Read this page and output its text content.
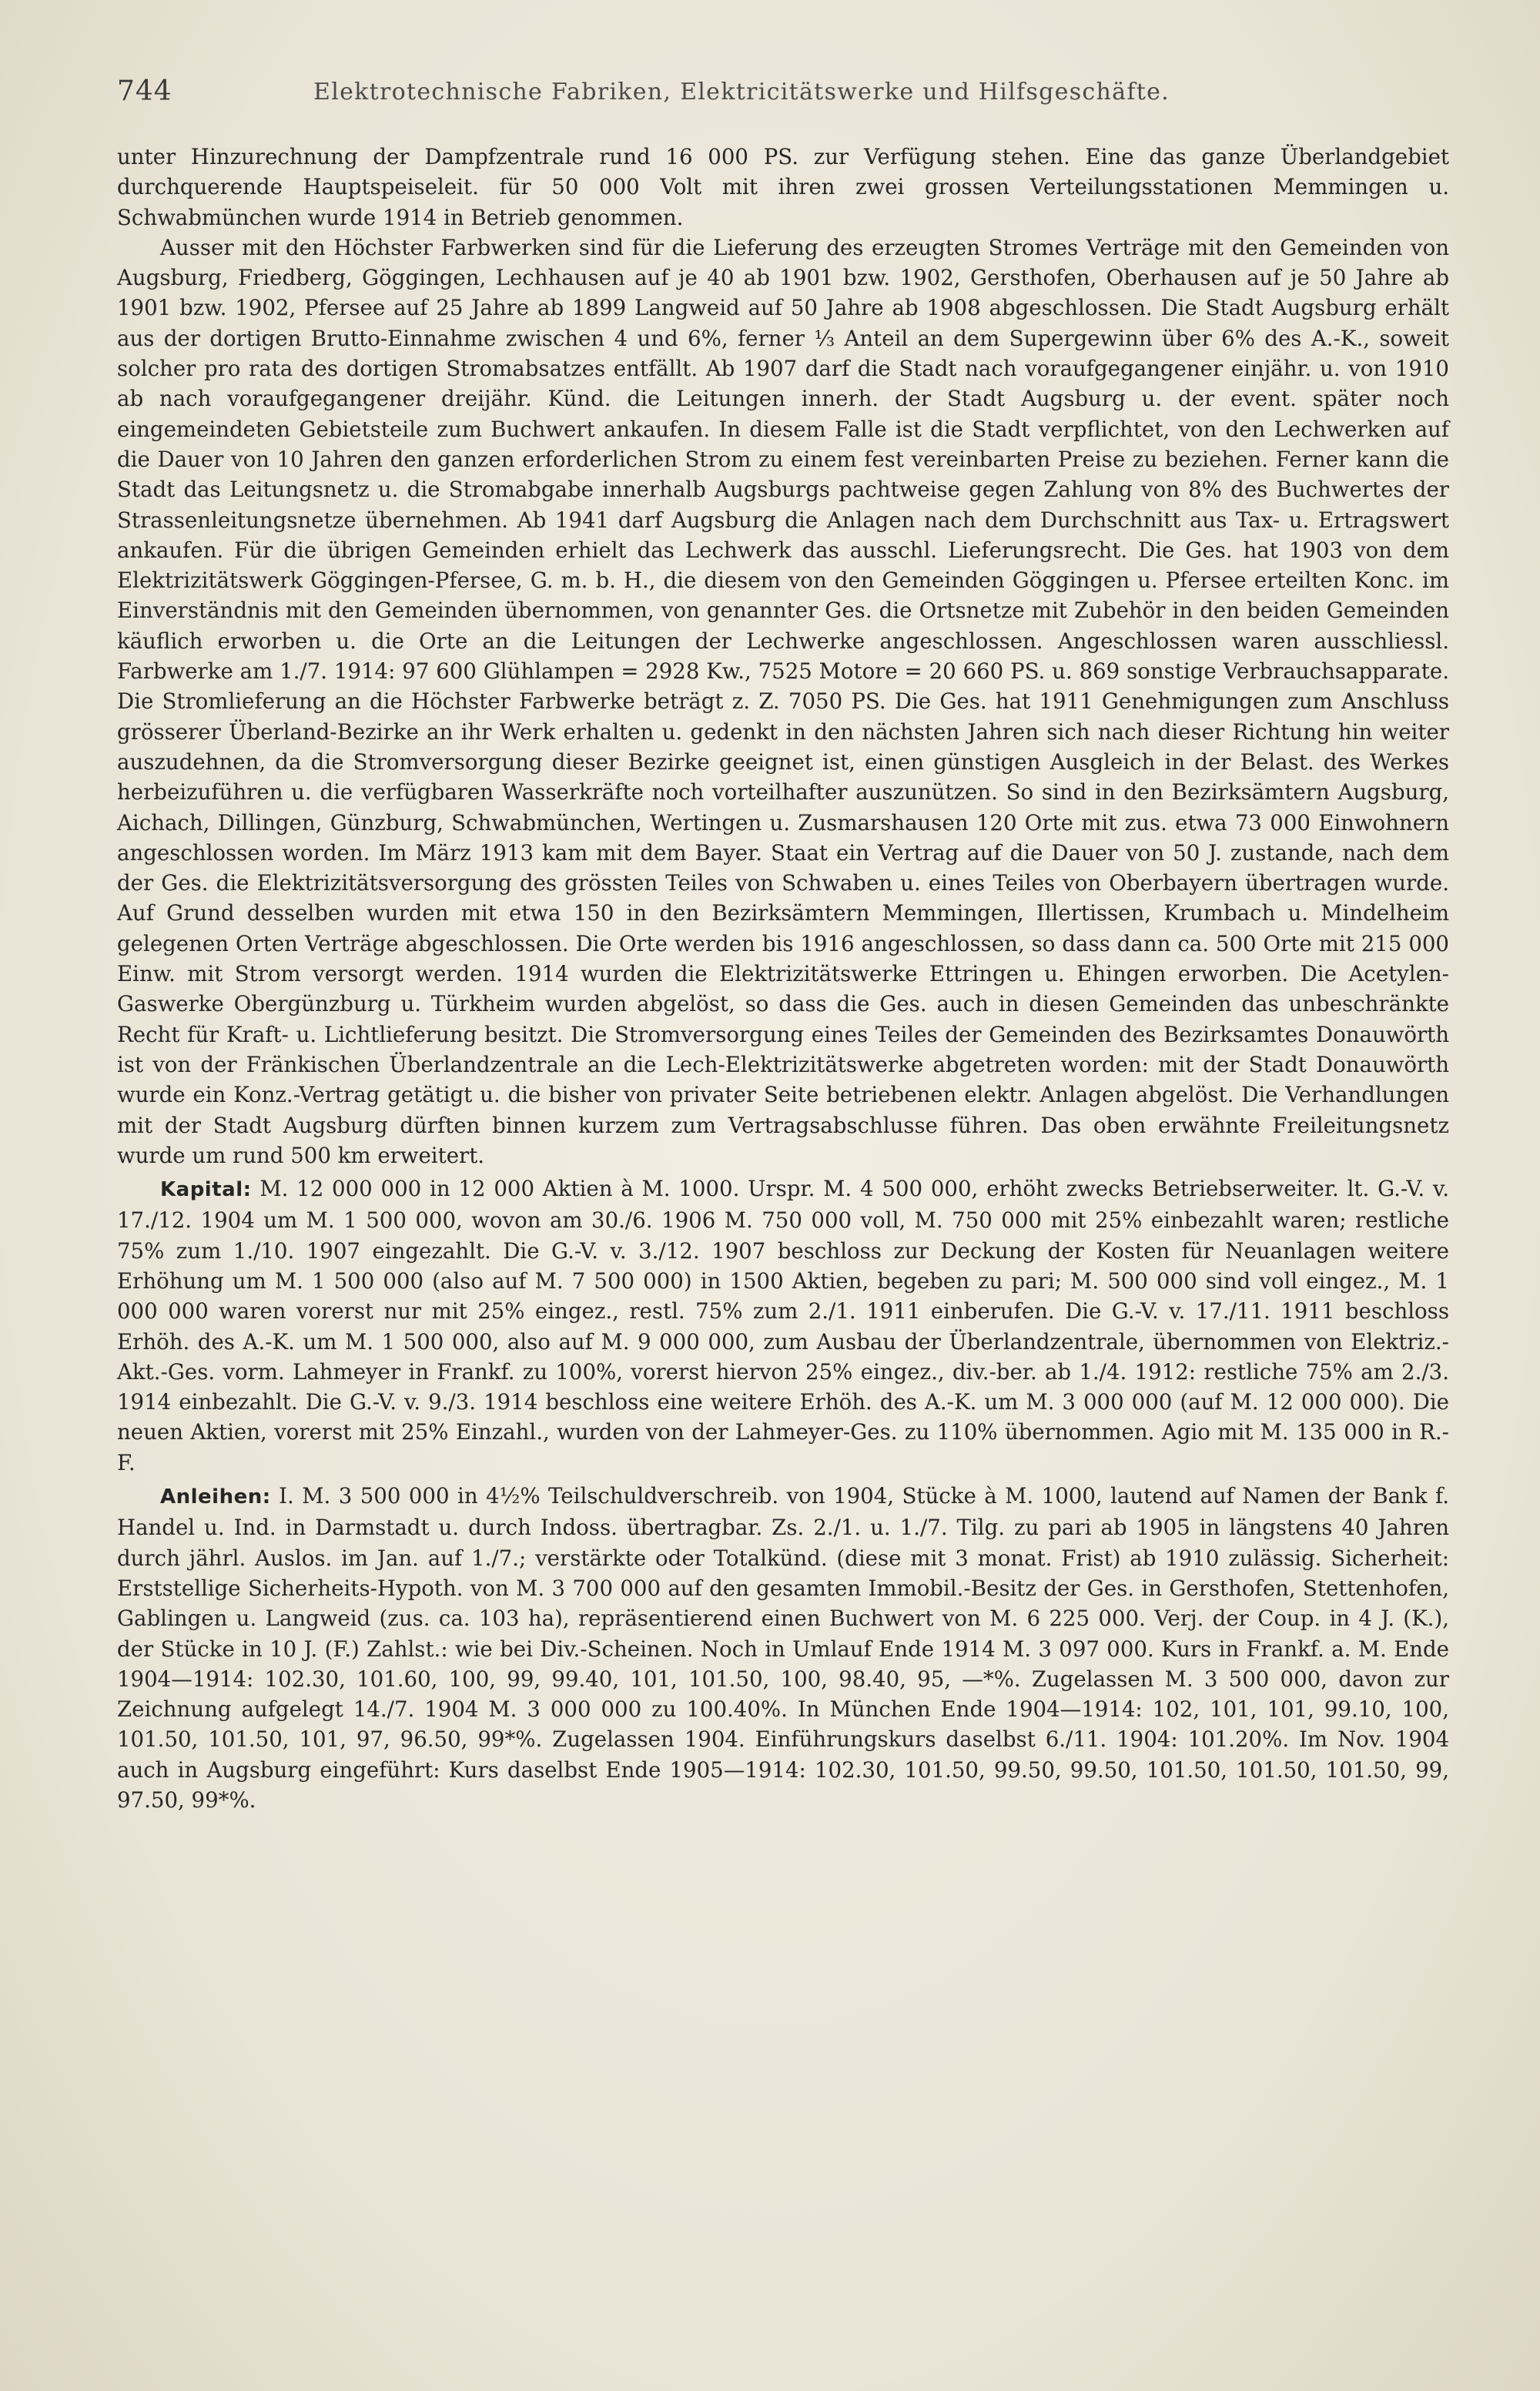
744	Elektrotechnische Fabriken, Elektricitätswerke und Hilfsgeschäfte.

unter Hinzurechnung der Dampfzentrale rund 16 000 PS. zur Verfügung stehen. Eine das ganze Überlandgebiet durchquerende Hauptspeiseleit. für 50 000 Volt mit ihren zwei grossen Verteilungsstationen Memmingen u. Schwabmünchen wurde 1914 in Betrieb genommen.

Ausser mit den Höchster Farbwerken sind für die Lieferung des erzeugten Stromes Verträge mit den Gemeinden von Augsburg, Friedberg, Göggingen, Lechhausen auf je 40 ab 1901 bzw. 1902, Gersthofen, Oberhausen auf je 50 Jahre ab 1901 bzw. 1902, Pfersee auf 25 Jahre ab 1899 Langweid auf 50 Jahre ab 1908 abgeschlossen. Die Stadt Augsburg erhält aus der dortigen Brutto-Einnahme zwischen 4 und 6%, ferner ⅓ Anteil an dem Supergewinn über 6% des A.-K., soweit solcher pro rata des dortigen Stromabsatzes entfällt. Ab 1907 darf die Stadt nach voraufgegangener einjähr. u. von 1910 ab nach voraufgegangener dreijähr. Künd. die Leitungen innerh. der Stadt Augsburg u. der event. später noch eingemeindeten Gebietsteile zum Buchwert ankaufen. In diesem Falle ist die Stadt verpflichtet, von den Lechwerken auf die Dauer von 10 Jahren den ganzen erforderlichen Strom zu einem fest vereinbarten Preise zu beziehen. Ferner kann die Stadt das Leitungsnetz u. die Stromabgabe innerhalb Augsburgs pachtweise gegen Zahlung von 8% des Buchwertes der Strassenleitungsnetze übernehmen. Ab 1941 darf Augsburg die Anlagen nach dem Durchschnitt aus Tax- u. Ertragswert ankaufen. Für die übrigen Gemeinden erhielt das Lechwerk das ausschl. Lieferungsrecht. Die Ges. hat 1903 von dem Elektrizitätswerk Göggingen-Pfersee, G. m. b. H., die diesem von den Gemeinden Göggingen u. Pfersee erteilten Konc. im Einverständnis mit den Gemeinden übernommen, von genannter Ges. die Ortsnetze mit Zubehör in den beiden Gemeinden käuflich erworben u. die Orte an die Leitungen der Lechwerke angeschlossen. Angeschlossen waren ausschliessl. Farbwerke am 1./7. 1914: 97 600 Glühlampen = 2928 Kw., 7525 Motore = 20 660 PS. u. 869 sonstige Verbrauchsapparate. Die Stromlieferung an die Höchster Farbwerke beträgt z. Z. 7050 PS. Die Ges. hat 1911 Genehmigungen zum Anschluss grösserer Überland-Bezirke an ihr Werk erhalten u. gedenkt in den nächsten Jahren sich nach dieser Richtung hin weiter auszudehnen, da die Stromversorgung dieser Bezirke geeignet ist, einen günstigen Ausgleich in der Belast. des Werkes herbeizuführen u. die verfügbaren Wasserkräfte noch vorteilhafter auszunützen. So sind in den Bezirksämtern Augsburg, Aichach, Dillingen, Günzburg, Schwabmünchen, Wertingen u. Zusmarshausen 120 Orte mit zus. etwa 73 000 Einwohnern angeschlossen worden. Im März 1913 kam mit dem Bayer. Staat ein Vertrag auf die Dauer von 50 J. zustande, nach dem der Ges. die Elektrizitätsversorgung des grössten Teiles von Schwaben u. eines Teiles von Oberbayern übertragen wurde. Auf Grund desselben wurden mit etwa 150 in den Bezirksämtern Memmingen, Illertissen, Krumbach u. Mindelheim gelegenen Orten Verträge abgeschlossen. Die Orte werden bis 1916 angeschlossen, so dass dann ca. 500 Orte mit 215 000 Einw. mit Strom versorgt werden. 1914 wurden die Elektrizitätswerke Ettringen u. Ehingen erworben. Die Acetylen-Gaswerke Obergünzburg u. Türkheim wurden abgelöst, so dass die Ges. auch in diesen Gemeinden das unbeschränkte Recht für Kraft- u. Lichtlieferung besitzt. Die Stromversorgung eines Teiles der Gemeinden des Bezirksamtes Donauwörth ist von der Fränkischen Überlandzentrale an die Lech-Elektrizitätswerke abgetreten worden: mit der Stadt Donauwörth wurde ein Konz.-Vertrag getätigt u. die bisher von privater Seite betriebenen elektr. Anlagen abgelöst. Die Verhandlungen mit der Stadt Augsburg dürften binnen kurzem zum Vertragsabschlusse führen. Das oben erwähnte Freileitungsnetz wurde um rund 500 km erweitert.

Kapital: M. 12 000 000 in 12 000 Aktien à M. 1000. Urspr. M. 4 500 000, erhöht zwecks Betriebserweiter. lt. G.-V. v. 17./12. 1904 um M. 1 500 000, wovon am 30./6. 1906 M. 750 000 voll, M. 750 000 mit 25% einbezahlt waren; restliche 75% zum 1./10. 1907 eingezahlt. Die G.-V. v. 3./12. 1907 beschloss zur Deckung der Kosten für Neuanlagen weitere Erhöhung um M. 1 500 000 (also auf M. 7 500 000) in 1500 Aktien, begeben zu pari; M. 500 000 sind voll eingez., M. 1 000 000 waren vorerst nur mit 25% eingez., restl. 75% zum 2./1. 1911 einberufen. Die G.-V. v. 17./11. 1911 beschloss Erhöh. des A.-K. um M. 1 500 000, also auf M. 9 000 000, zum Ausbau der Überlandzentrale, übernommen von Elektriz.-Akt.-Ges. vorm. Lahmeyer in Frankf. zu 100%, vorerst hiervon 25% eingez., div.-ber. ab 1./4. 1912: restliche 75% am 2./3. 1914 einbezahlt. Die G.-V. v. 9./3. 1914 beschloss eine weitere Erhöh. des A.-K. um M. 3 000 000 (auf M. 12 000 000). Die neuen Aktien, vorerst mit 25% Einzahl., wurden von der Lahmeyer-Ges. zu 110% übernommen. Agio mit M. 135 000 in R.-F.

Anleihen: I. M. 3 500 000 in 4½% Teilschuldverschreib. von 1904, Stücke à M. 1000, lautend auf Namen der Bank f. Handel u. Ind. in Darmstadt u. durch Indoss. übertragbar. Zs. 2./1. u. 1./7. Tilg. zu pari ab 1905 in längstens 40 Jahren durch jährl. Auslos. im Jan. auf 1./7.; verstärkte oder Totalkünd. (diese mit 3 monat. Frist) ab 1910 zulässig. Sicherheit: Erststellige Sicherheits-Hypoth. von M. 3 700 000 auf den gesamten Immobil.-Besitz der Ges. in Gersthofen, Stettenhofen, Gablingen u. Langweid (zus. ca. 103 ha), repräsentierend einen Buchwert von M. 6 225 000. Verj. der Coup. in 4 J. (K.), der Stücke in 10 J. (F.) Zahlst.: wie bei Div.-Scheinen. Noch in Umlauf Ende 1914 M. 3 097 000. Kurs in Frankf. a. M. Ende 1904—1914: 102.30, 101.60, 100, 99, 99.40, 101, 101.50, 100, 98.40, 95, —*%. Zugelassen M. 3 500 000, davon zur Zeichnung aufgelegt 14./7. 1904 M. 3 000 000 zu 100.40%. In München Ende 1904—1914: 102, 101, 101, 99.10, 100, 101.50, 101.50, 101, 97, 96.50, 99*%. Zugelassen 1904. Einführungskurs daselbst 6./11. 1904: 101.20%. Im Nov. 1904 auch in Augsburg eingeführt: Kurs daselbst Ende 1905—1914: 102.30, 101.50, 99.50, 99.50, 101.50, 101.50, 101.50, 99, 97.50, 99*%.
